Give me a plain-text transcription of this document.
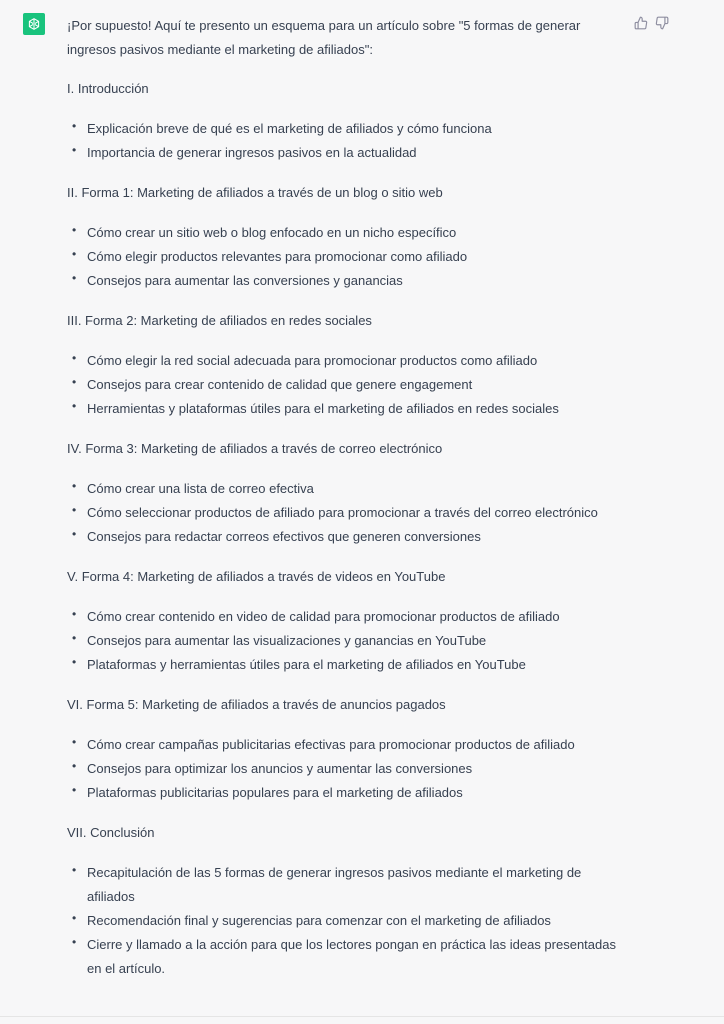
¡Por supuesto! Aquí te presento un esquema para un artículo sobre "5 formas de generar ingresos pasivos mediante el marketing de afiliados":

I. Introducción

• Explicación breve de qué es el marketing de afiliados y cómo funciona
• Importancia de generar ingresos pasivos en la actualidad

II. Forma 1: Marketing de afiliados a través de un blog o sitio web

• Cómo crear un sitio web o blog enfocado en un nicho específico
• Cómo elegir productos relevantes para promocionar como afiliado
• Consejos para aumentar las conversiones y ganancias

III. Forma 2: Marketing de afiliados en redes sociales

• Cómo elegir la red social adecuada para promocionar productos como afiliado
• Consejos para crear contenido de calidad que genere engagement
• Herramientas y plataformas útiles para el marketing de afiliados en redes sociales

IV. Forma 3: Marketing de afiliados a través de correo electrónico

• Cómo crear una lista de correo efectiva
• Cómo seleccionar productos de afiliado para promocionar a través del correo electrónico
• Consejos para redactar correos efectivos que generen conversiones

V. Forma 4: Marketing de afiliados a través de videos en YouTube

• Cómo crear contenido en video de calidad para promocionar productos de afiliado
• Consejos para aumentar las visualizaciones y ganancias en YouTube
• Plataformas y herramientas útiles para el marketing de afiliados en YouTube

VI. Forma 5: Marketing de afiliados a través de anuncios pagados

• Cómo crear campañas publicitarias efectivas para promocionar productos de afiliado
• Consejos para optimizar los anuncios y aumentar las conversiones
• Plataformas publicitarias populares para el marketing de afiliados

VII. Conclusión

• Recapitulación de las 5 formas de generar ingresos pasivos mediante el marketing de afiliados
• Recomendación final y sugerencias para comenzar con el marketing de afiliados
• Cierre y llamado a la acción para que los lectores pongan en práctica las ideas presentadas en el artículo.
